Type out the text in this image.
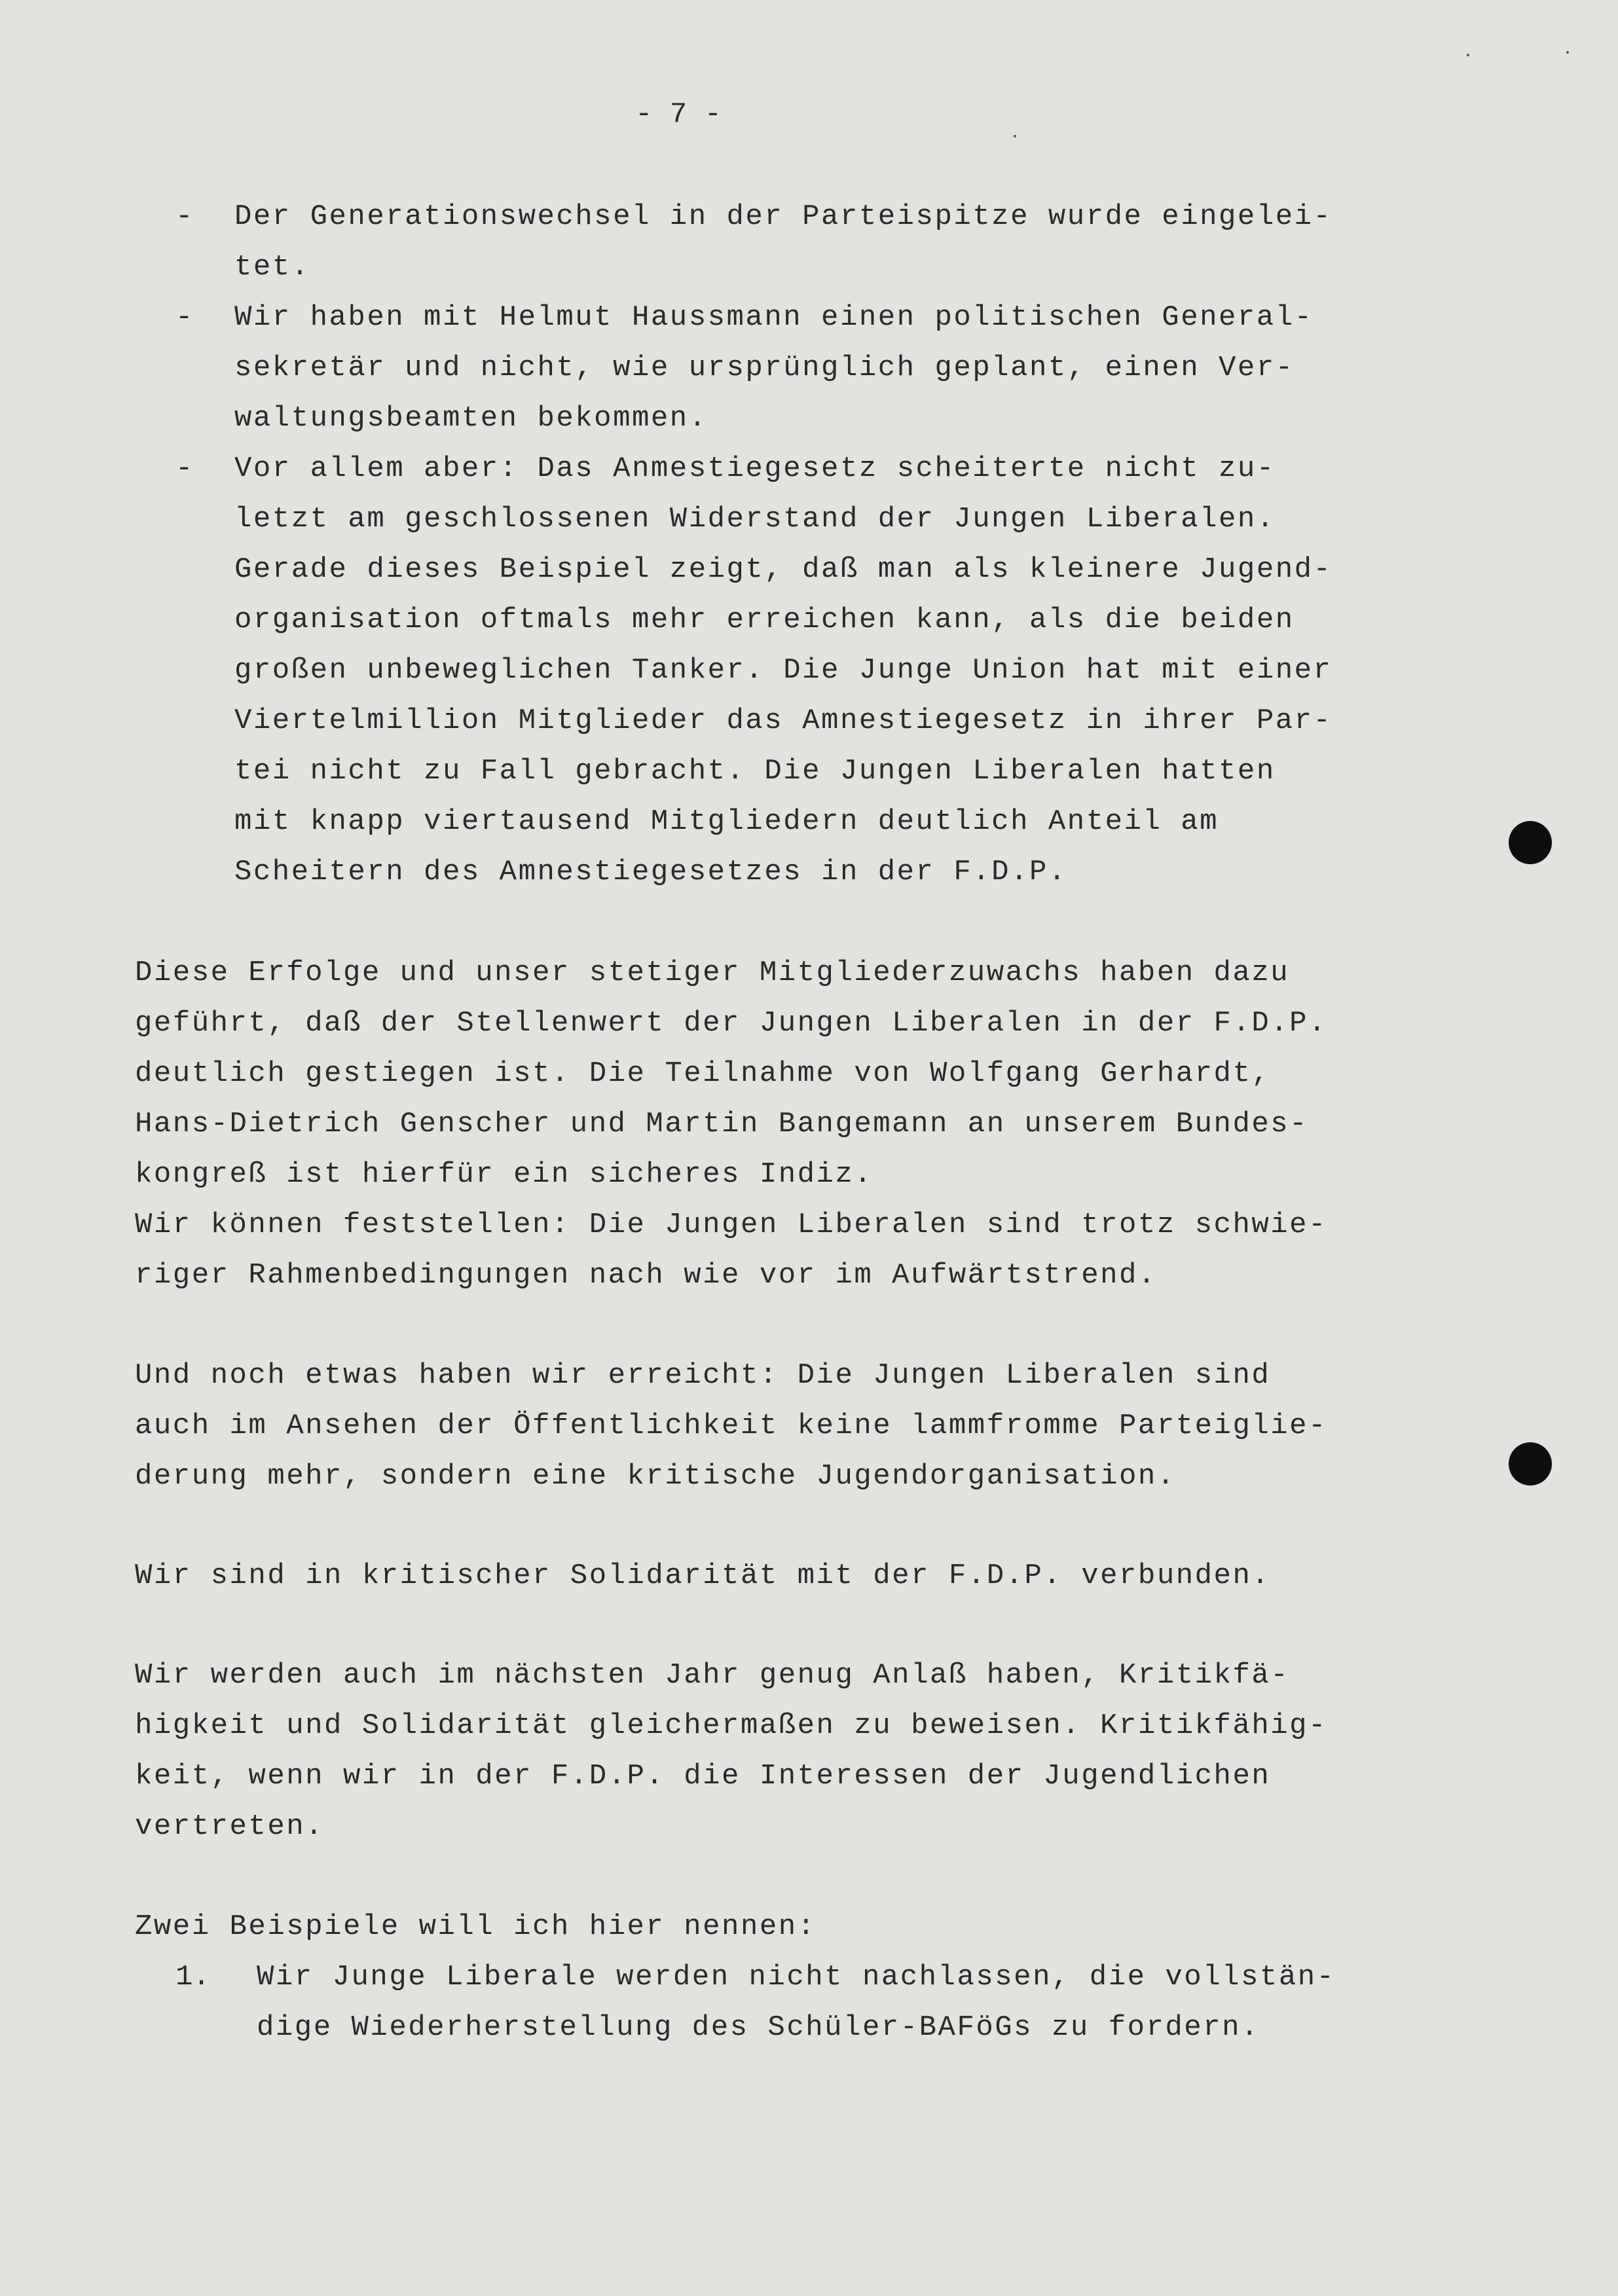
- 7 -
- Der Generationswechsel in der Parteispitze wurde eingelei-
tet.
- Wir haben mit Helmut Haussmann einen politischen General-
sekretär und nicht, wie ursprünglich geplant, einen Ver-
waltungsbeamten bekommen.
- Vor allem aber: Das Anmestiegesetz scheiterte nicht zu-
letzt am geschlossenen Widerstand der Jungen Liberalen.
Gerade dieses Beispiel zeigt, daß man als kleinere Jugend-
organisation oftmals mehr erreichen kann, als die beiden
großen unbeweglichen Tanker. Die Junge Union hat mit einer
Viertelmillion Mitglieder das Amnestiegesetz in ihrer Par-
tei nicht zu Fall gebracht. Die Jungen Liberalen hatten
mit knapp viertausend Mitgliedern deutlich Anteil am
Scheitern des Amnestiegesetzes in der F.D.P.
Diese Erfolge und unser stetiger Mitgliederzuwachs haben dazu
geführt, daß der Stellenwert der Jungen Liberalen in der F.D.P.
deutlich gestiegen ist. Die Teilnahme von Wolfgang Gerhardt,
Hans-Dietrich Genscher und Martin Bangemann an unserem Bundes-
kongreß ist hierfür ein sicheres Indiz.
Wir können feststellen: Die Jungen Liberalen sind trotz schwie-
riger Rahmenbedingungen nach wie vor im Aufwärtstrend.
Und noch etwas haben wir erreicht: Die Jungen Liberalen sind
auch im Ansehen der Öffentlichkeit keine lammfromme Parteiglie-
derung mehr, sondern eine kritische Jugendorganisation.
Wir sind in kritischer Solidarität mit der F.D.P. verbunden.
Wir werden auch im nächsten Jahr genug Anlaß haben, Kritikfä-
higkeit und Solidarität gleichermaßen zu beweisen. Kritikfähig-
keit, wenn wir in der F.D.P. die Interessen der Jugendlichen
vertreten.
Zwei Beispiele will ich hier nennen:
1. Wir Junge Liberale werden nicht nachlassen, die vollstän-
dige Wiederherstellung des Schüler-BAFöGs zu fordern.
